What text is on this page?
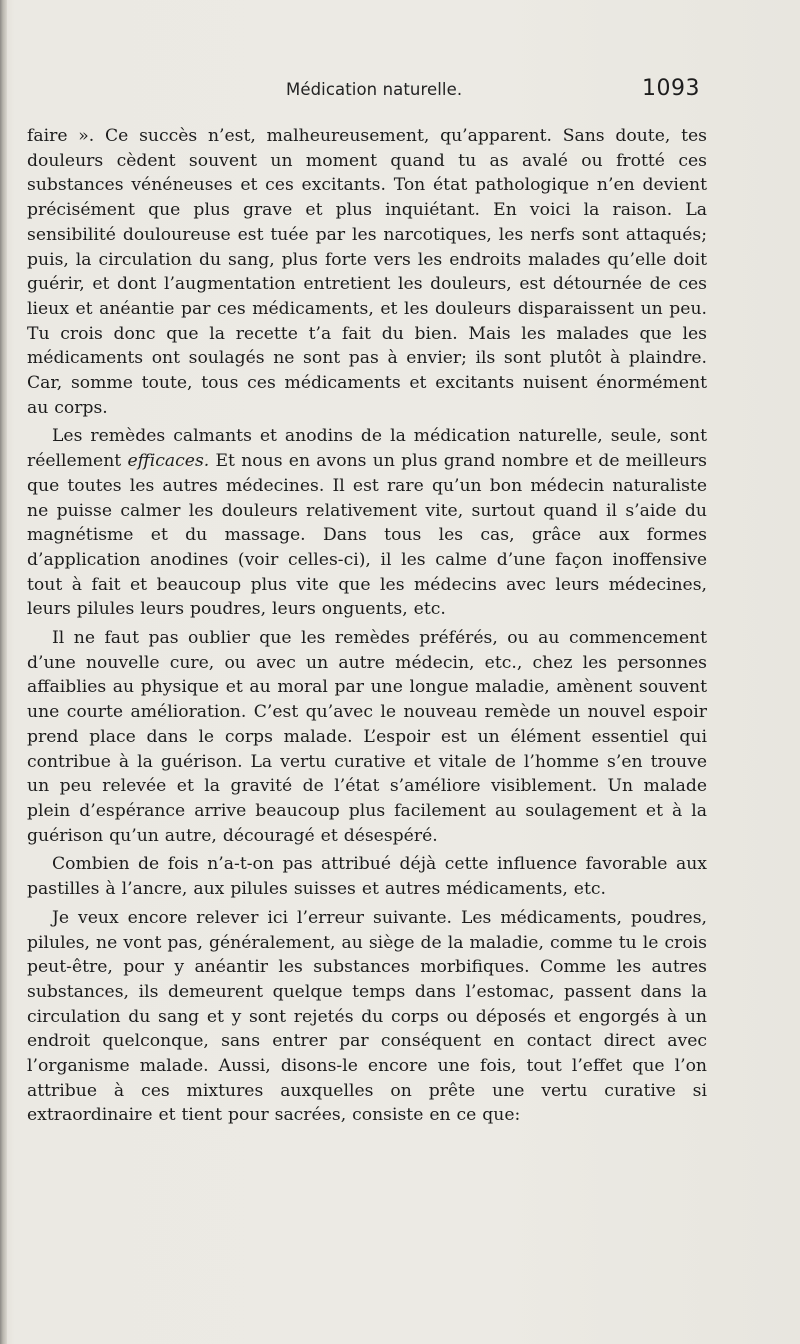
Médication naturelle.	1093

faire ». Ce succès n’est, malheureusement, qu’apparent. Sans doute, tes douleurs cèdent souvent un moment quand tu as avalé ou frotté ces substances vénéneuses et ces excitants. Ton état pathologique n’en devient précisément que plus grave et plus inquiétant. En voici la raison. La sensibilité douloureuse est tuée par les narcotiques, les nerfs sont attaqués; puis, la circulation du sang, plus forte vers les endroits malades qu’elle doit guérir, et dont l’augmentation entretient les douleurs, est détournée de ces lieux et anéantie par ces médicaments, et les douleurs disparaissent un peu. Tu crois donc que la recette t’a fait du bien. Mais les malades que les médicaments ont soulagés ne sont pas à envier; ils sont plutôt à plaindre. Car, somme toute, tous ces médicaments et excitants nuisent énormément au corps.

Les remèdes calmants et anodins de la médication naturelle, seule, sont réellement efficaces. Et nous en avons un plus grand nombre et de meilleurs que toutes les autres médecines. Il est rare qu’un bon médecin naturaliste ne puisse calmer les douleurs relativement vite, surtout quand il s’aide du magnétisme et du massage. Dans tous les cas, grâce aux formes d’application anodines (voir celles-ci), il les calme d’une façon inoffensive tout à fait et beaucoup plus vite que les médecins avec leurs médecines, leurs pilules leurs poudres, leurs onguents, etc.

Il ne faut pas oublier que les remèdes préférés, ou au commencement d’une nouvelle cure, ou avec un autre médecin, etc., chez les personnes affaiblies au physique et au moral par une longue maladie, amènent souvent une courte amélioration. C’est qu’avec le nouveau remède un nouvel espoir prend place dans le corps malade. L’espoir est un élément essentiel qui contribue à la guérison. La vertu curative et vitale de l’homme s’en trouve un peu relevée et la gravité de l’état s’améliore visiblement. Un malade plein d’espérance arrive beaucoup plus facilement au soulagement et à la guérison qu’un autre, découragé et désespéré.

Combien de fois n’a-t-on pas attribué déjà cette influence favorable aux pastilles à l’ancre, aux pilules suisses et autres médicaments, etc.

Je veux encore relever ici l’erreur suivante. Les médicaments, poudres, pilules, ne vont pas, généralement, au siège de la maladie, comme tu le crois peut-être, pour y anéantir les substances morbifiques. Comme les autres substances, ils demeurent quelque temps dans l’estomac, passent dans la circulation du sang et y sont rejetés du corps ou déposés et engorgés à un endroit quelconque, sans entrer par conséquent en contact direct avec l’organisme malade. Aussi, disons-le encore une fois, tout l’effet que l’on attribue à ces mixtures auxquelles on prête une vertu curative si extraordinaire et tient pour sacrées, consiste en ce que:
